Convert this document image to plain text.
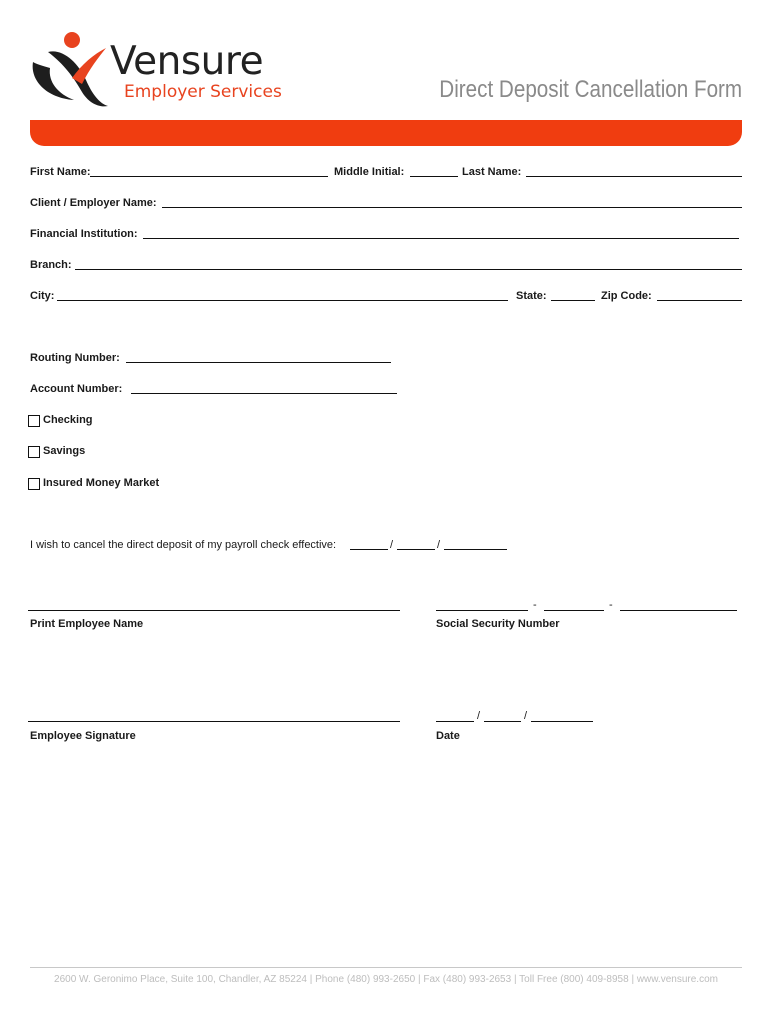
Vensure
Employer Services	Direct Deposit Cancellation Form
First Name:	Middle Initial:	Last Name:
Client / Employer Name:
Financial Institution:
Branch:
City:	State:	Zip Code:
Routing Number:
Account Number:
Checking
Savings
Insured Money Market
I wish to cancel the direct deposit of my payroll check effective:	/	/
Print Employee Name
-	-
Social Security Number
Employee Signature
/	/
Date
2600 W. Geronimo Place, Suite 100, Chandler, AZ 85224 | Phone (480) 993-2650 | Fax (480) 993-2653 | Toll Free (800) 409-8958 | www.vensure.com
